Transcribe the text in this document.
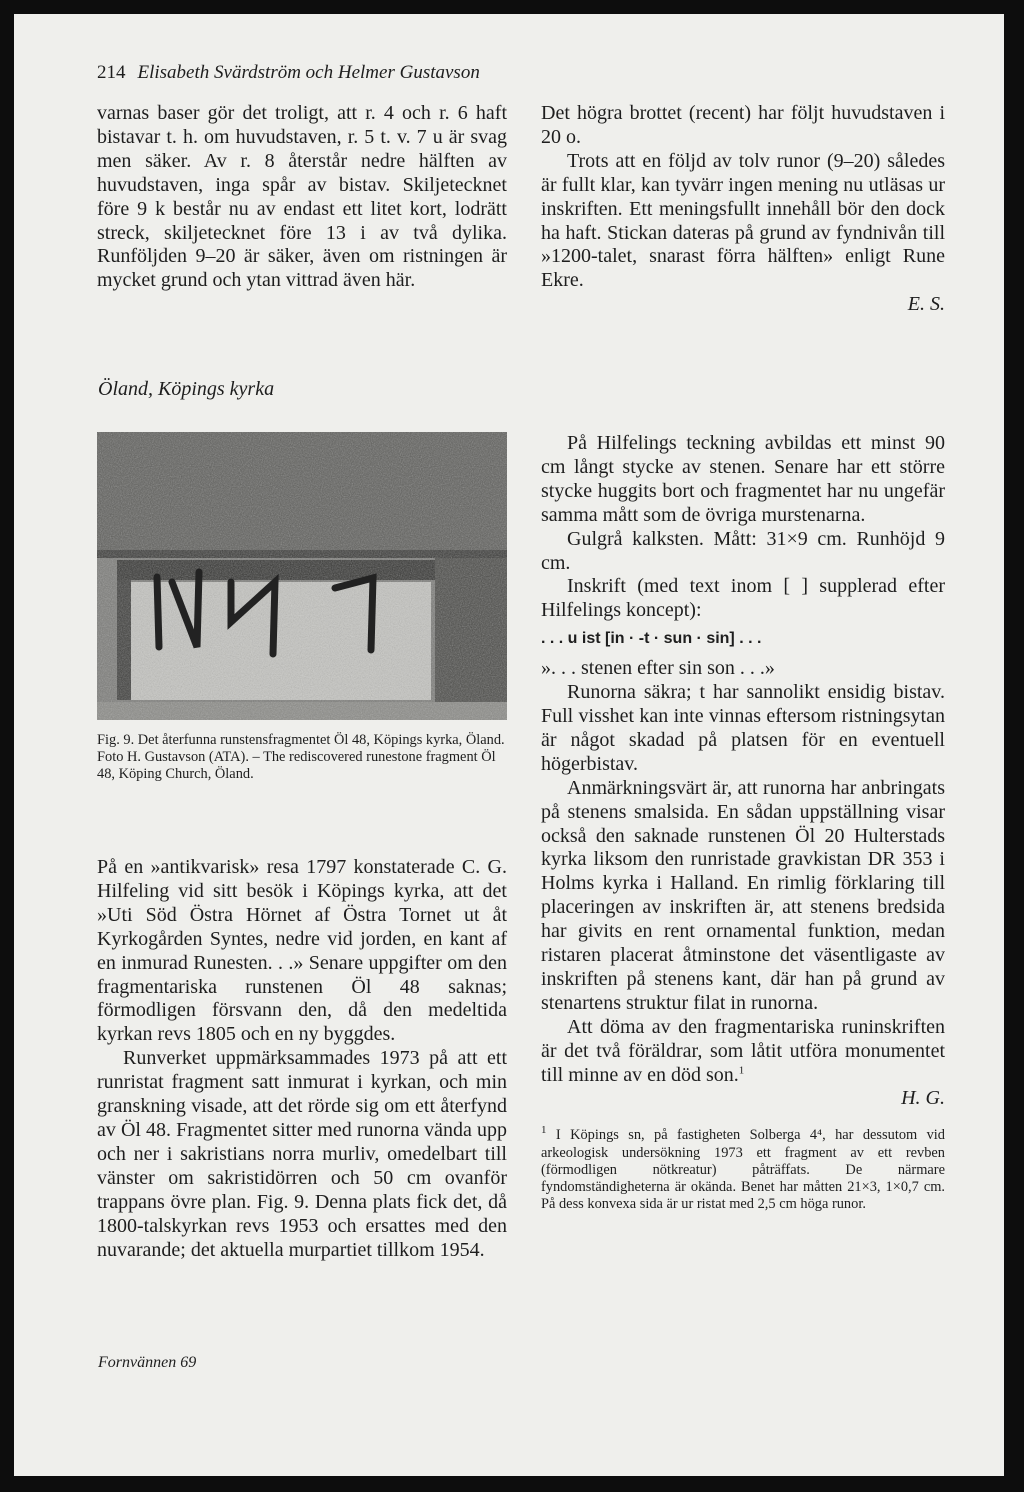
214 Elisabeth Svärdström och Helmer Gustavson

varnas baser gör det troligt, att r. 4 och r. 6 haft bistavar t. h. om huvudstaven, r. 5 t. v. 7 u är svag men säker. Av r. 8 återstår nedre hälften av huvudstaven, inga spår av bistav. Skiljetecknet före 9 k består nu av endast ett litet kort, lodrätt streck, skiljetecknet före 13 i av två dylika. Runföljden 9–20 är säker, även om ristningen är mycket grund och ytan vittrad även här.

Det högra brottet (recent) har följt huvudstaven i 20 o.

Trots att en följd av tolv runor (9–20) således är fullt klar, kan tyvärr ingen mening nu utläsas ur inskriften. Ett meningsfullt innehåll bör den dock ha haft. Stickan dateras på grund av fyndnivån till »1200-talet, snarast förra hälften» enligt Rune Ekre.

E. S.

Öland, Köpings kyrka
Fig. 9. Det återfunna runstensfragmentet Öl 48, Köpings kyrka, Öland. Foto H. Gustavson (ATA). – The rediscovered runestone fragment Öl 48, Köping Church, Öland.

På en »antikvarisk» resa 1797 konstaterade C. G. Hilfeling vid sitt besök i Köpings kyrka, att det »Uti Söd Östra Hörnet af Östra Tornet ut åt Kyrkogården Syntes, nedre vid jorden, en kant af en inmurad Runesten. . .» Senare uppgifter om den fragmentariska runstenen Öl 48 saknas; förmodligen försvann den, då den medeltida kyrkan revs 1805 och en ny byggdes.

Runverket uppmärksammades 1973 på att ett runristat fragment satt inmurat i kyrkan, och min granskning visade, att det rörde sig om ett återfynd av Öl 48. Fragmentet sitter med runorna vända upp och ner i sakristians norra murliv, omedelbart till vänster om sakristidörren och 50 cm ovanför trappans övre plan. Fig. 9. Denna plats fick det, då 1800-talskyrkan revs 1953 och ersattes med den nuvarande; det aktuella murpartiet tillkom 1954.

På Hilfelings teckning avbildas ett minst 90 cm långt stycke av stenen. Senare har ett större stycke huggits bort och fragmentet har nu ungefär samma mått som de övriga murstenarna.

Gulgrå kalksten. Mått: 31×9 cm. Runhöjd 9 cm.

Inskrift (med text inom [ ] supplerad efter Hilfelings koncept):

. . . u ist [in · -t · sun · sin] . . .

». . . stenen efter sin son . . .»

Runorna säkra; t har sannolikt ensidig bistav. Full visshet kan inte vinnas eftersom ristningsytan är något skadad på platsen för en eventuell högerbistav.

Anmärkningsvärt är, att runorna har anbringats på stenens smalsida. En sådan uppställning visar också den saknade runstenen Öl 20 Hulterstads kyrka liksom den runristade gravkistan DR 353 i Holms kyrka i Halland. En rimlig förklaring till placeringen av inskriften är, att stenens bredsida har givits en rent ornamental funktion, medan ristaren placerat åtminstone det väsentligaste av inskriften på stenens kant, där han på grund av stenartens struktur filat in runorna.

Att döma av den fragmentariska runinskriften är det två föräldrar, som låtit utföra monumentet till minne av en död son.$^1$

H. G.

$^1$ I Köpings sn, på fastigheten Solberga 4⁴, har dessutom vid arkeologisk undersökning 1973 ett fragment av ett revben (förmodligen nötkreatur) påträffats. De närmare fyndomständigheterna är okända. Benet har måtten 21×3, 1×0,7 cm. På dess konvexa sida är ur ristat med 2,5 cm höga runor.

Fornvännen 69
